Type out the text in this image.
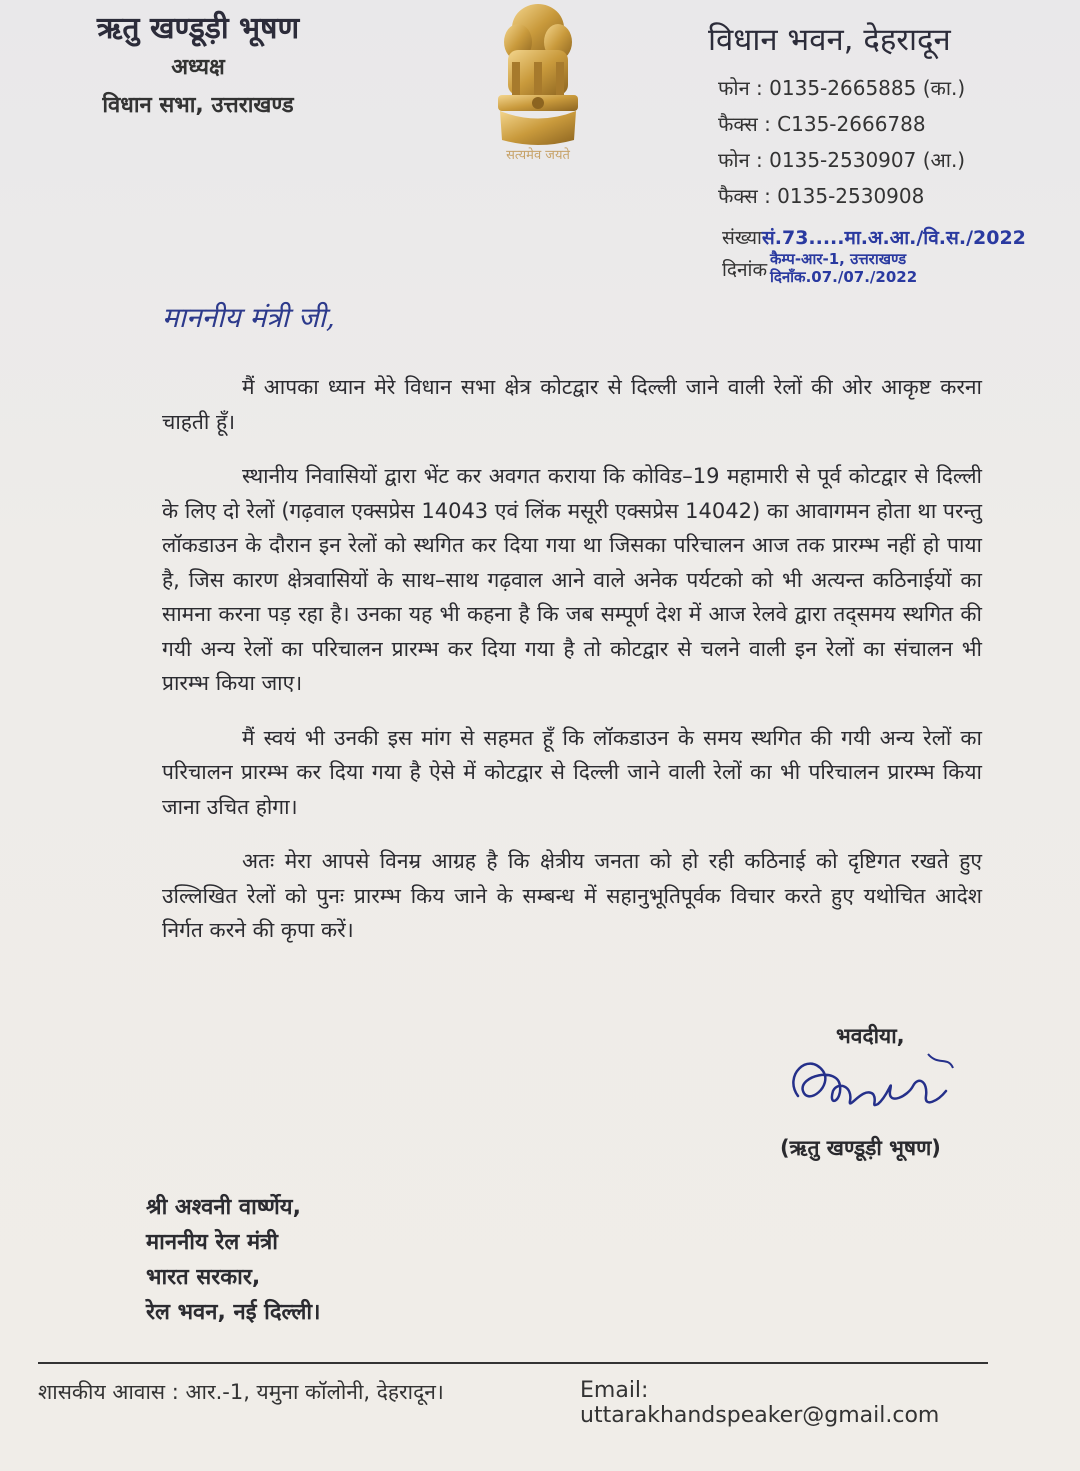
ऋतु खण्डूड़ी भूषण
अध्यक्ष
विधान सभा, उत्तराखण्ड
सत्यमेव जयते
विधान भवन, देहरादून
फोन : 0135-2665885 (का.)
फैक्स : C135-2666788
फोन : 0135-2530907 (आ.)
फैक्स : 0135-2530908
संख्यासं.73.....मा.अ.आ./वि.स./2022
दिनांक कैम्प-आर-1, उत्तराखण्ड
दिनाँक.07./07./2022
माननीय मंत्री जी,

मैं आपका ध्यान मेरे विधान सभा क्षेत्र कोटद्वार से दिल्ली जाने वाली रेलों की ओर आकृष्ट करना चाहती हूँ।

स्थानीय निवासियों द्वारा भेंट कर अवगत कराया कि कोविड–19 महामारी से पूर्व कोटद्वार से दिल्ली के लिए दो रेलों (गढ़वाल एक्सप्रेस 14043 एवं लिंक मसूरी एक्सप्रेस 14042) का आवागमन होता था परन्तु लॉकडाउन के दौरान इन रेलों को स्थगित कर दिया गया था जिसका परिचालन आज तक प्रारम्भ नहीं हो पाया है, जिस कारण क्षेत्रवासियों के साथ–साथ गढ़वाल आने वाले अनेक पर्यटको को भी अत्यन्त कठिनाईयों का सामना करना पड़ रहा है। उनका यह भी कहना है कि जब सम्पूर्ण देश में आज रेलवे द्वारा तद्समय स्थगित की गयी अन्य रेलों का परिचालन प्रारम्भ कर दिया गया है तो कोटद्वार से चलने वाली इन रेलों का संचालन भी प्रारम्भ किया जाए।

मैं स्वयं भी उनकी इस मांग से सहमत हूँ कि लॉकडाउन के समय स्थगित की गयी अन्य रेलों का परिचालन प्रारम्भ कर दिया गया है ऐसे में कोटद्वार से दिल्ली जाने वाली रेलों का भी परिचालन प्रारम्भ किया जाना उचित होगा।

अतः मेरा आपसे विनम्र आग्रह है कि क्षेत्रीय जनता को हो रही कठिनाई को दृष्टिगत रखते हुए उल्लिखित रेलों को पुनः प्रारम्भ किय जाने के सम्बन्ध में सहानुभूतिपूर्वक विचार करते हुए यथोचित आदेश निर्गत करने की कृपा करें।

भवदीया,
(ऋतु खण्डूड़ी भूषण)
श्री अश्वनी वार्ष्णेय,
माननीय रेल मंत्री
भारत सरकार,
रेल भवन, नई दिल्ली।
शासकीय आवास : आर.-1, यमुना कॉलोनी, देहरादून।	Email: uttarakhandspeaker@gmail.com
